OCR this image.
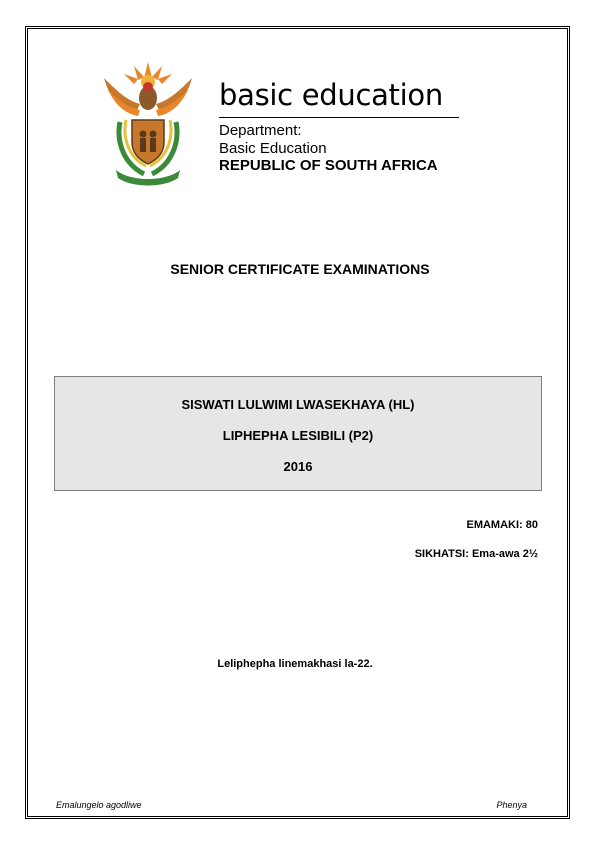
basic education
Department:
Basic Education
REPUBLIC OF SOUTH AFRICA
SENIOR CERTIFICATE EXAMINATIONS
SISWATI LULWIMI LWASEKHAYA (HL)
LIPHEPHA LESIBILI (P2)
2016
EMAMAKI: 80
SIKHATSI: Ema-awa 2½
Leliphepha linemakhasi la-22.
Emalungelo agodliwe	Phenya
